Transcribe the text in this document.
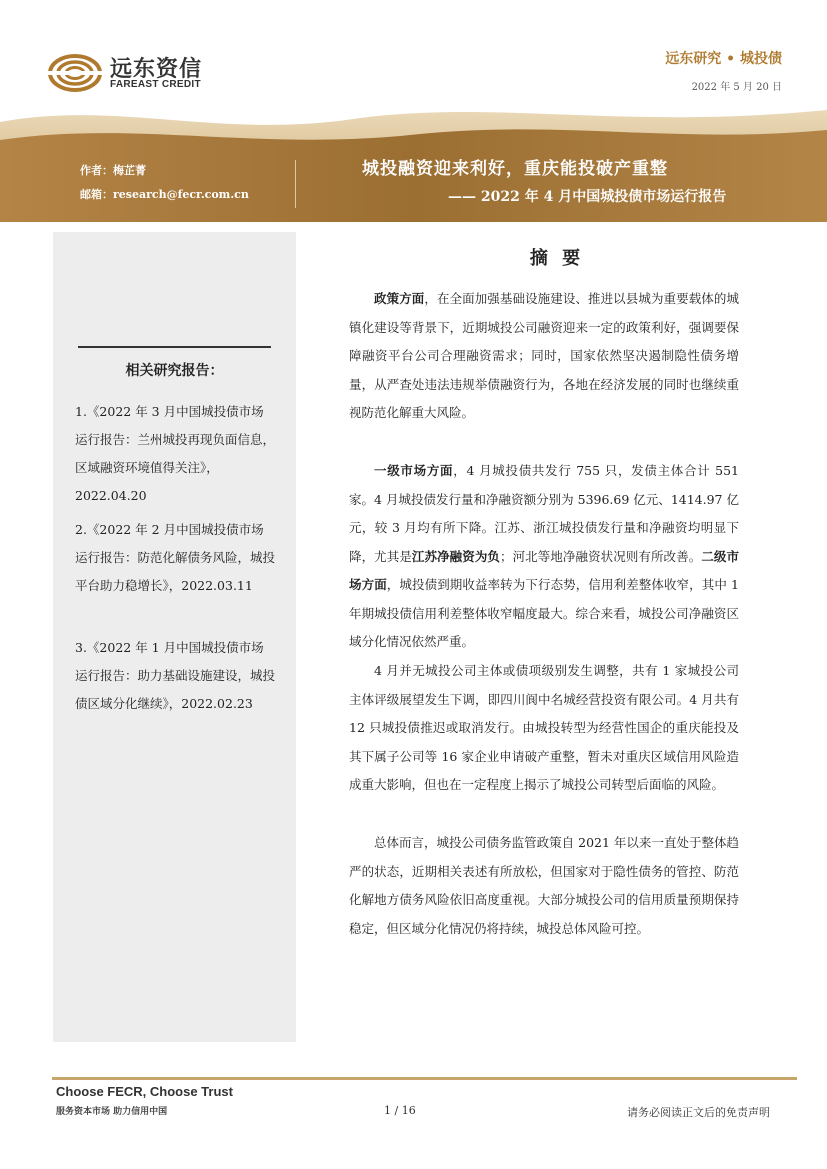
远东资信
FAREAST CREDIT
远东研究 • 城投债
2022 年 5 月 20 日
作者：梅芷菁
邮箱：research@fecr.com.cn
城投融资迎来利好，重庆能投破产重整
—— 2022 年 4 月中国城投债市场运行报告
相关研究报告：
1.《2022 年 3 月中国城投债市场运行报告：兰州城投再现负面信息，区域融资环境值得关注》，2022.04.20
2.《2022 年 2 月中国城投债市场运行报告：防范化解债务风险，城投平台助力稳增长》，2022.03.11
3.《2022 年 1 月中国城投债市场运行报告：助力基础设施建设，城投债区域分化继续》，2022.02.23
摘 要

政策方面，在全面加强基础设施建设、推进以县城为重要载体的城镇化建设等背景下，近期城投公司融资迎来一定的政策利好，强调要保障融资平台公司合理融资需求；同时，国家依然坚决遏制隐性债务增量，从严查处违法违规举债融资行为，各地在经济发展的同时也继续重视防范化解重大风险。

一级市场方面，4 月城投债共发行 755 只，发债主体合计 551 家。4 月城投债发行量和净融资额分别为 5396.69 亿元、1414.97 亿元，较 3 月均有所下降。江苏、浙江城投债发行量和净融资均明显下降，尤其是江苏净融资为负；河北等地净融资状况则有所改善。二级市场方面，城投债到期收益率转为下行态势，信用利差整体收窄，其中 1 年期城投债信用利差整体收窄幅度最大。综合来看，城投公司净融资区域分化情况依然严重。

4 月并无城投公司主体或债项级别发生调整，共有 1 家城投公司主体评级展望发生下调，即四川阆中名城经营投资有限公司。4 月共有 12 只城投债推迟或取消发行。由城投转型为经营性国企的重庆能投及其下属子公司等 16 家企业申请破产重整，暂未对重庆区域信用风险造成重大影响，但也在一定程度上揭示了城投公司转型后面临的风险。

总体而言，城投公司债务监管政策自 2021 年以来一直处于整体趋严的状态，近期相关表述有所放松，但国家对于隐性债务的管控、防范化解地方债务风险依旧高度重视。大部分城投公司的信用质量预期保持稳定，但区域分化情况仍将持续，城投总体风险可控。

Choose FECR, Choose Trust
服务资本市场 助力信用中国	1 / 16	请务必阅读正文后的免责声明
